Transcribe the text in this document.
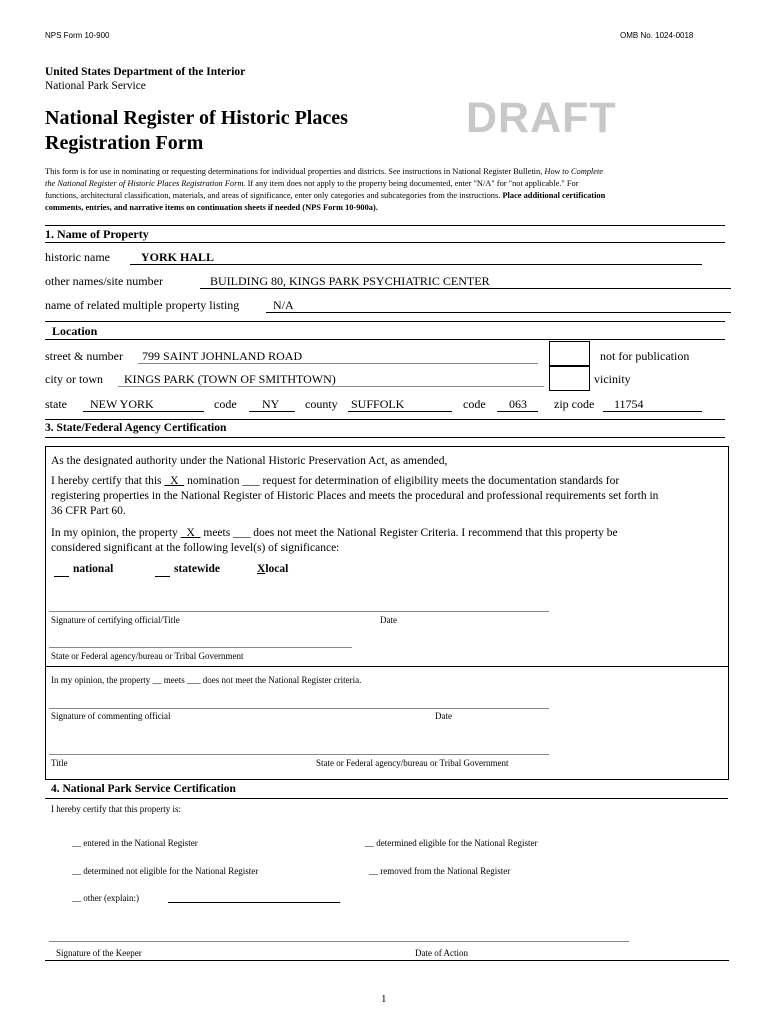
NPS Form 10-900	OMB No. 1024-0018
United States Department of the Interior
National Park Service
National Register of Historic Places
Registration Form
DRAFT
This form is for use in nominating or requesting determinations for individual properties and districts. See instructions in National Register Bulletin, How to Complete
the National Register of Historic Places Registration Form. If any item does not apply to the property being documented, enter "N/A" for "not applicable." For
functions, architectural classification, materials, and areas of significance, enter only categories and subcategories from the instructions. Place additional certification
comments, entries, and narrative items on continuation sheets if needed (NPS Form 10-900a).
1. Name of Property
historic name	YORK HALL
other names/site number	BUILDING 80, KINGS PARK PSYCHIATRIC CENTER
name of related multiple property listing	N/A
Location
street & number 799 SAINT JOHNLAND ROAD	not for publication
city or town KINGS PARK (TOWN OF SMITHTOWN)	vicinity
state NEW YORK	code NY county SUFFOLK	code 063 zip code 11754
3. State/Federal Agency Certification
As the designated authority under the National Historic Preservation Act, as amended,
I hereby certify that this   X   nomination ___ request for determination of eligibility meets the documentation standards for
registering properties in the National Register of Historic Places and meets the procedural and professional requirements set forth in
36 CFR Part 60.
In my opinion, the property   X   meets ___ does not meet the National Register Criteria. I recommend that this property be
considered significant at the following level(s) of significance:
national	statewide	Xlocal
Signature of certifying official/Title	Date
State or Federal agency/bureau or Tribal Government
In my opinion, the property __ meets ___ does not meet the National Register criteria.
Signature of commenting official	Date
Title	State or Federal agency/bureau or Tribal Government
4. National Park Service Certification
I hereby certify that this property is:
__ entered in the National Register	__ determined eligible for the National Register
__ determined not eligible for the National Register	__ removed from the National Register
__ other (explain:)
Signature of the Keeper	Date of Action
1
